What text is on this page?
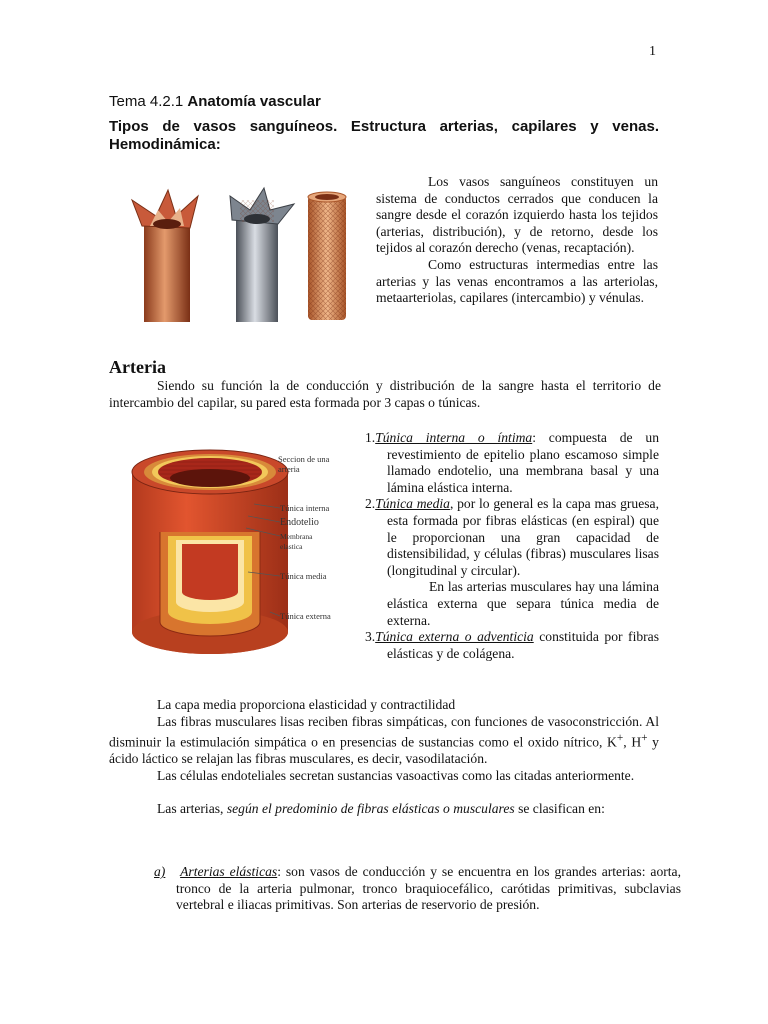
1
Tema 4.2.1 Anatomía vascular
Tipos de vasos sanguíneos. Estructura arterias, capilares y venas.
Hemodinámica:

Los vasos sanguíneos constituyen un sistema de conductos cerrados que conducen la sangre desde el corazón izquierdo hasta los tejidos (arterias, distribución), y de retorno, desde los tejidos al corazón derecho (venas, recaptación).

Como estructuras intermedias entre las arterias y las venas encontramos a las arteriolas, metaarteriolas, capilares (intercambio) y vénulas.

Arteria

Siendo su función la de conducción y distribución de la sangre hasta el territorio de intercambio del capilar, su pared esta formada por 3 capas o túnicas.

Seccion de una arteria
Túnica interna
Endotelio
Membrana elastica
Túnica media
Túnica externa

1.Túnica interna o íntima: compuesta de un revestimiento de epitelio plano escamoso simple llamado endotelio, una membrana basal y una lámina elástica interna.

2.Túnica media, por lo general es la capa mas gruesa, esta formada por fibras elásticas (en espiral) que le proporcionan una gran capacidad de distensibilidad, y células (fibras) musculares lisas (longitudinal y circular).

En las arterias musculares hay una lámina elástica externa que separa túnica media de externa.

3.Túnica externa o adventicia constituida por fibras elásticas y de colágena.

La capa media proporciona elasticidad y contractilidad

Las fibras musculares lisas reciben fibras simpáticas, con funciones de vasoconstricción. Al disminuir la estimulación simpática o en presencias de sustancias como el oxido nítrico, K+, H+ y ácido láctico se relajan las fibras musculares, es decir, vasodilatación.

Las células endoteliales secretan sustancias vasoactivas como las citadas anteriormente.

Las arterias, según el predominio de fibras elásticas o musculares se clasifican en:

a) Arterias elásticas: son vasos de conducción y se encuentra en los grandes arterias: aorta, tronco de la arteria pulmonar, tronco braquiocefálico, carótidas primitivas, subclavias vertebral e iliacas primitivas. Son arterias de reservorio de presión.
